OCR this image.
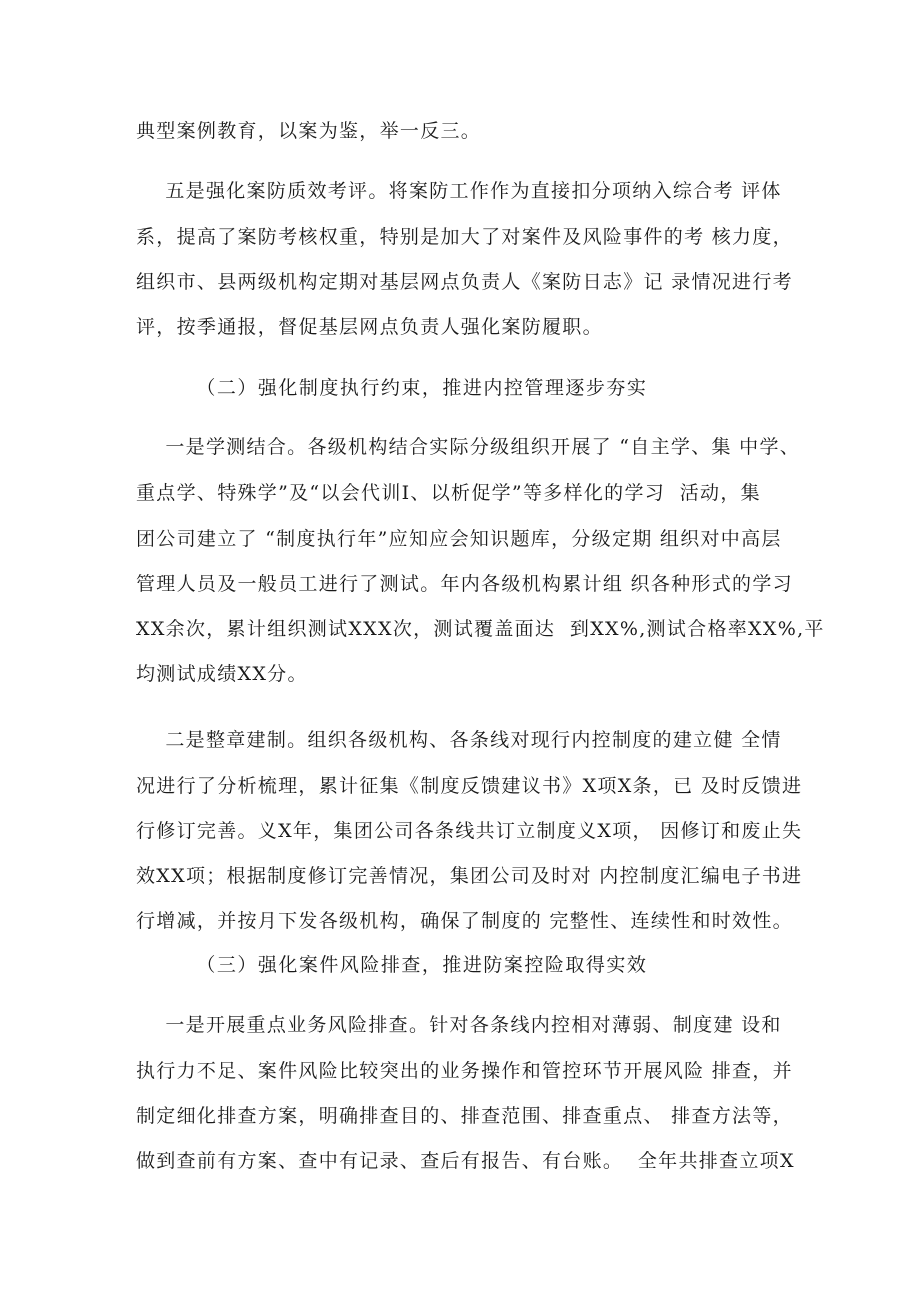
典型案例教育，以案为鉴，举一反三。
五是强化案防质效考评。将案防工作作为直接扣分项纳入综合考 评体
系，提高了案防考核权重，特别是加大了对案件及风险事件的考 核力度，
组织市、县两级机构定期对基层网点负责人《案防日志》记 录情况进行考
评，按季通报，督促基层网点负责人强化案防履职。
（二）强化制度执行约束，推进内控管理逐步夯实
一是学测结合。各级机构结合实际分级组织开展了 “自主学、集 中学、
重点学、特殊学”及“以会代训I、以析促学”等多样化的学习  活动，集
团公司建立了 “制度执行年”应知应会知识题库，分级定期 组织对中高层
管理人员及一般员工进行了测试。年内各级机构累计组 织各种形式的学习
XX余次，累计组织测试XXX次，测试覆盖面达  到XX%,测试合格率XX%,平
均测试成绩XX分。
二是整章建制。组织各级机构、各条线对现行内控制度的建立健 全情
况进行了分析梳理，累计征集《制度反馈建议书》X项X条，已 及时反馈进
行修订完善。义X年，集团公司各条线共订立制度义X项， 因修订和废止失
效XX项；根据制度修订完善情况，集团公司及时对 内控制度汇编电子书进
行增减，并按月下发各级机构，确保了制度的 完整性、连续性和时效性。
（三）强化案件风险排查，推进防案控险取得实效
一是开展重点业务风险排查。针对各条线内控相对薄弱、制度建 设和
执行力不足、案件风险比较突出的业务操作和管控环节开展风险 排查，并
制定细化排查方案，明确排查目的、排查范围、排查重点、 排查方法等，
做到查前有方案、查中有记录、查后有报告、有台账。  全年共排查立项X
